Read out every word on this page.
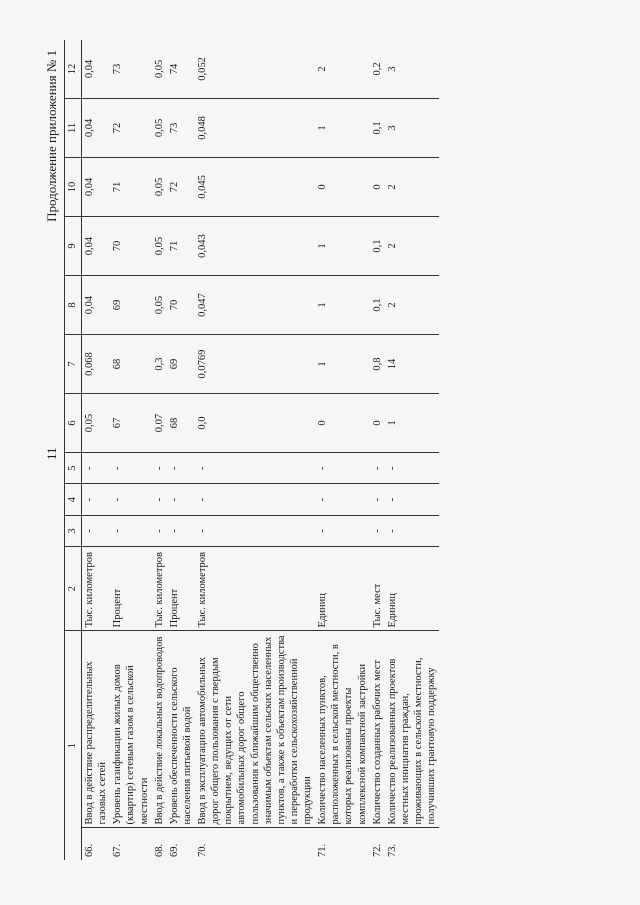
11
Продолжение приложения № 1
1		2	3	4	5	6	7	8	9	10	11	12
66.	Ввод в действие распределительных газовых сетей	Тыс. километров	-	-	-	0,05	0,068	0,04	0,04	0,04	0,04	0,04
67.	Уровень газификации жилых домов (квартир) сетевым газом в сельской местности	Процент	-	-	-	67	68	69	70	71	72	73
68.	Ввод в действие локальных водопроводов	Тыс. километров	-	-	-	0,07	0,3	0,05	0,05	0,05	0,05	0,05
69.	Уровень обеспеченности сельского населения питьевой водой	Процент	-	-	-	68	69	70	71	72	73	74
70.	Ввод в эксплуатацию автомобильных дорог общего пользования с твердым покрытием, ведущих от сети автомобильных дорог общего пользования к ближайшим общественно значимым объектам сельских населенных пунктов, а также к объектам производства и переработки сельскохозяйственной продукции	Тыс. километров	-	-	-	0,0	0,0769	0,047	0,043	0,045	0,048	0,052
71.	Количество населенных пунктов, расположенных в сельской местности, в которых реализованы проекты комплексной компактной застройки	Единиц	-	-	-	0	1	1	1	0	1	2
72.	Количество созданных рабочих мест	Тыс. мест	-	-	-	0	0,8	0,1	0,1	0	0,1	0,2
73.	Количество реализованных проектов местных инициатив граждан, проживающих в сельской местности, получивших грантовую поддержку	Единиц	-	-	-	1	14	2	2	2	3	3
